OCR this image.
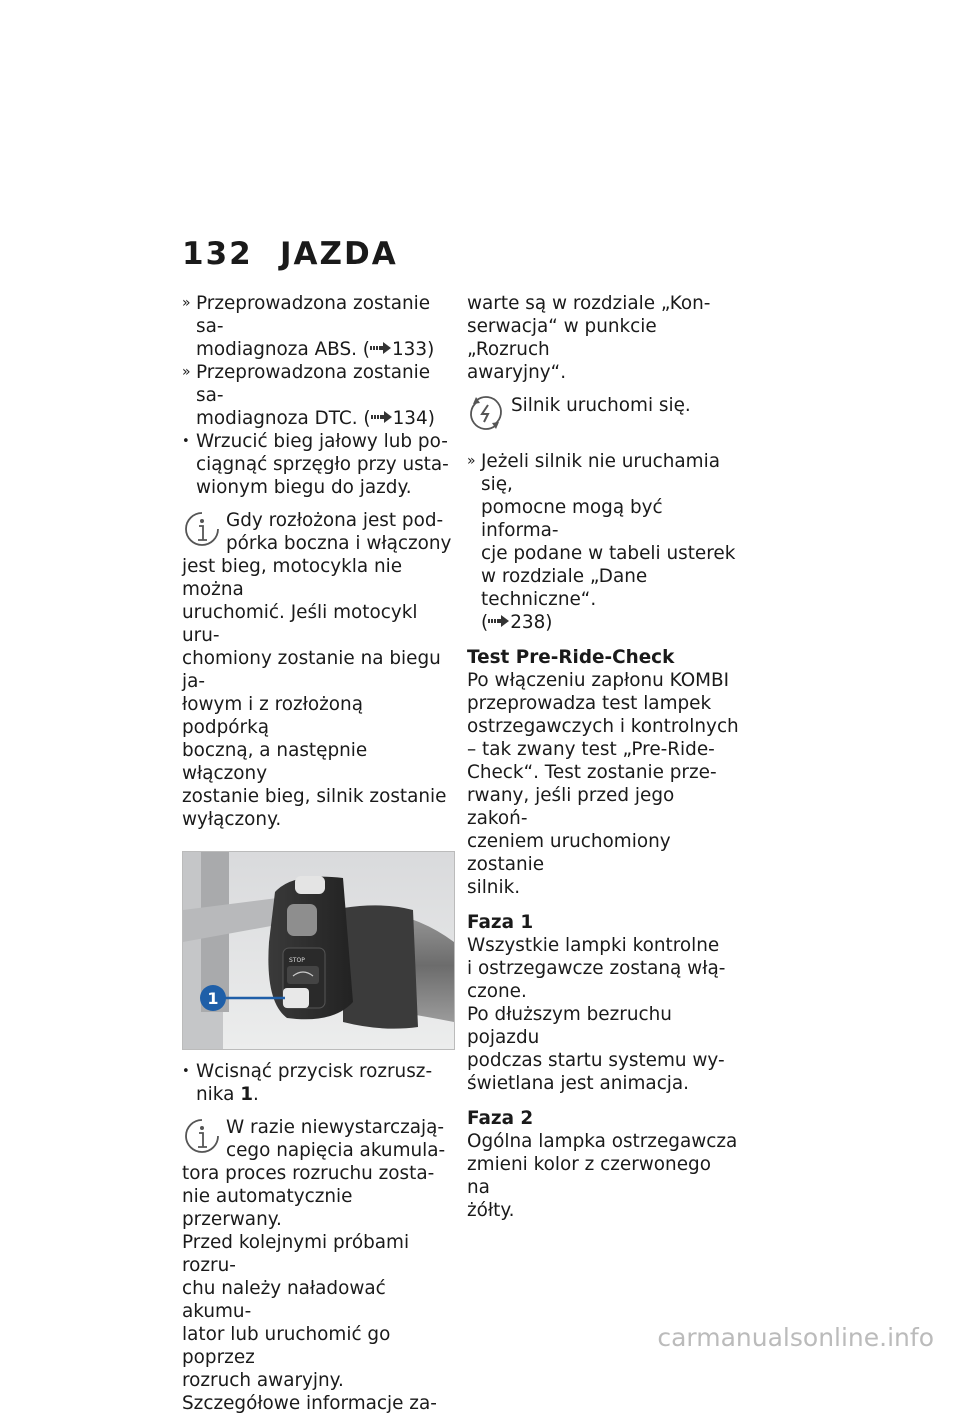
132 JAZDA
» Przeprowadzona zostanie sa-
modiagnoza ABS. ( 133)
» Przeprowadzona zostanie sa-
modiagnoza DTC. ( 134)
• Wrzucić bieg jałowy lub po-
ciągnąć sprzęgło przy usta-
wionym biegu do jazdy.
Gdy rozłożona jest pod-
pórka boczna i włączony
jest bieg, motocykla nie można
uruchomić. Jeśli motocykl uru-
chomiony zostanie na biegu ja-
łowym i z rozłożoną podpórką
boczną, a następnie włączony
zostanie bieg, silnik zostanie
wyłączony.
STOP
1
• Wcisnąć przycisk rozrusz-
nika 1.
W razie niewystarczają-
cego napięcia akumula-
tora proces rozruchu zosta-
nie automatycznie przerwany.
Przed kolejnymi próbami rozru-
chu należy naładować akumu-
lator lub uruchomić go poprzez
rozruch awaryjny.
Szczegółowe informacje za-
warte są w rozdziale „Kon-
serwacja“ w punkcie „Rozruch
awaryjny“.
Silnik uruchomi się.
» Jeżeli silnik nie uruchamia się,
pomocne mogą być informa-
cje podane w tabeli usterek
w rozdziale „Dane techniczne“.
( 238)
Test Pre-Ride-Check
Po włączeniu zapłonu KOMBI
przeprowadza test lampek
ostrzegawczych i kontrolnych
– tak zwany test „Pre-Ride-
Check“. Test zostanie prze-
rwany, jeśli przed jego zakoń-
czeniem uruchomiony zostanie
silnik.
Faza 1
Wszystkie lampki kontrolne
i ostrzegawcze zostaną włą-
czone.
Po dłuższym bezruchu pojazdu
podczas startu systemu wy-
świetlana jest animacja.
Faza 2
Ogólna lampka ostrzegawcza
zmieni kolor z czerwonego na
żółty.
carmanualsonline.info
